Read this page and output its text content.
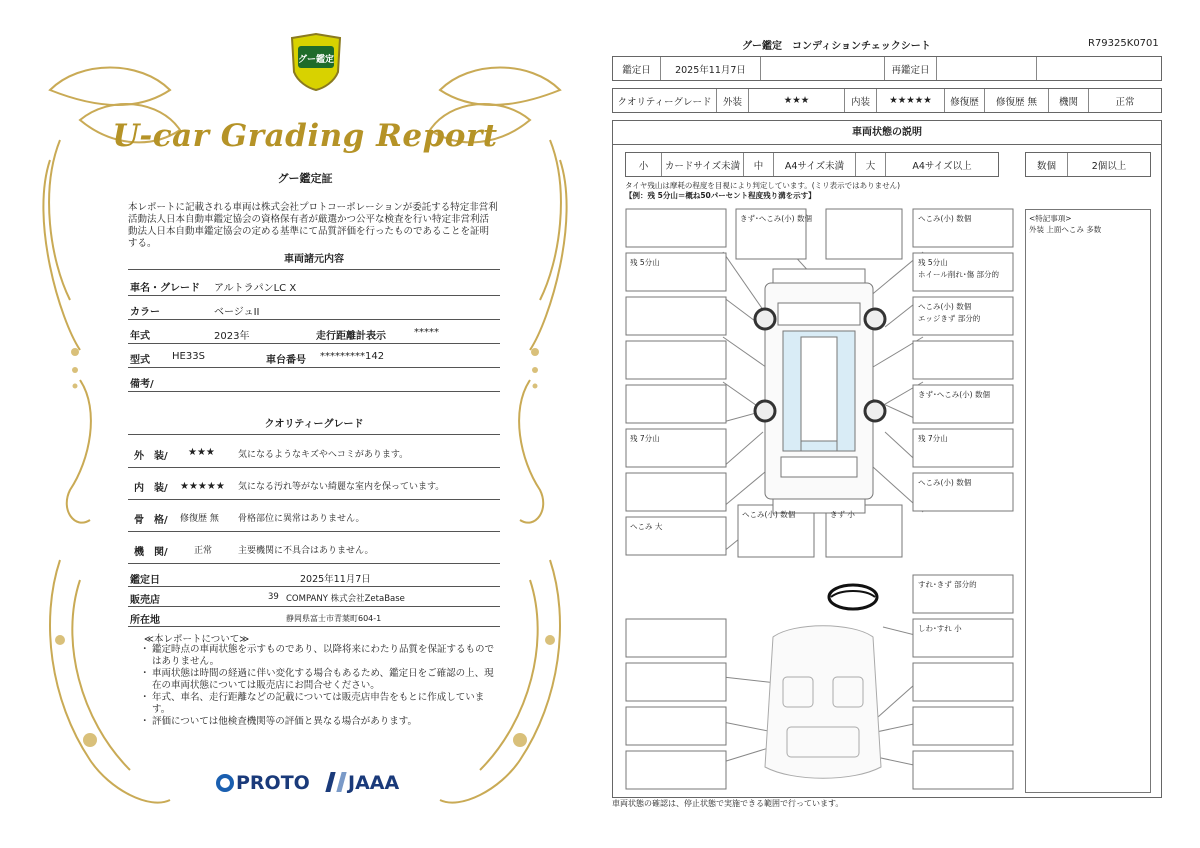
グー鑑定
U-car Grading Report
グー鑑定証
本レポートに記載される車両は株式会社プロトコーポレーションが委託する特定非営利活動法人日本自動車鑑定協会の資格保有者が厳選かつ公平な検査を行い特定非営利活動法人日本自動車鑑定協会の定める基準にて品質評価を行ったものであることを証明する。
車両諸元内容
車名・グレード アルトラパンLC X
カラー	ベージュII
年式	2023年	走行距離計表示	*****
型式 HE33S	車台番号 *********142
備考/
クオリティーグレード
外　装/ ★★★	気になるようなキズやヘコミがあります。
内　装/ ★★★★★ 気になる汚れ等がない綺麗な室内を保っています。
骨　格/ 修復歴 無 骨格部位に異常はありません。
機　関/	正常	主要機関に不具合はありません。
鑑定日	2025年11月7日
販売店	39 COMPANY 株式会社ZetaBase
所在地	静岡県富士市青葉町604-1
≪本レポートについて≫
・ 鑑定時点の車両状態を示すものであり、以降将来にわたり品質を保証するものではありません。
・ 車両状態は時間の経過に伴い変化する場合もあるため、鑑定日をご確認の上、現在の車両状態については販売店にお問合せください。
・ 年式、車名、走行距離などの記載については販売店申告をもとに作成しています。
・ 評価については他検査機関等の評価と異なる場合があります。
PROTO	JAAA
グー鑑定　コンディションチェックシート	R79325K0701
鑑定日	2025年11月7日	再鑑定日
クオリティーグレード	外装	★★★	内装	★★★★★	修復歴	修復歴 無	機関	正常
車両状態の説明
小	カードサイズ未満	中	A4サイズ未満	大	A4サイズ以上	数個	2個以上
タイヤ残山は摩耗の程度を目視により判定しています。(ミリ表示ではありません)
【例：残 5分山＝概ね50パーセント程度残り溝を示す】
<特記事項>
外装 上面へこみ 多数
きず･へこみ(小) 数個	へこみ(小) 数個
残 5分山	残 5分山
ホイール削れ･傷 部分的
へこみ(小) 数個
エッジきず 部分的
きず･へこみ(小) 数個
残 7分山	残 7分山
へこみ(小) 数個
へこみ 大
へこみ(小) 数個	きず 小
すれ･きず 部分的
しわ･すれ 小
車両状態の確認は、停止状態で実施できる範囲で行っています。
